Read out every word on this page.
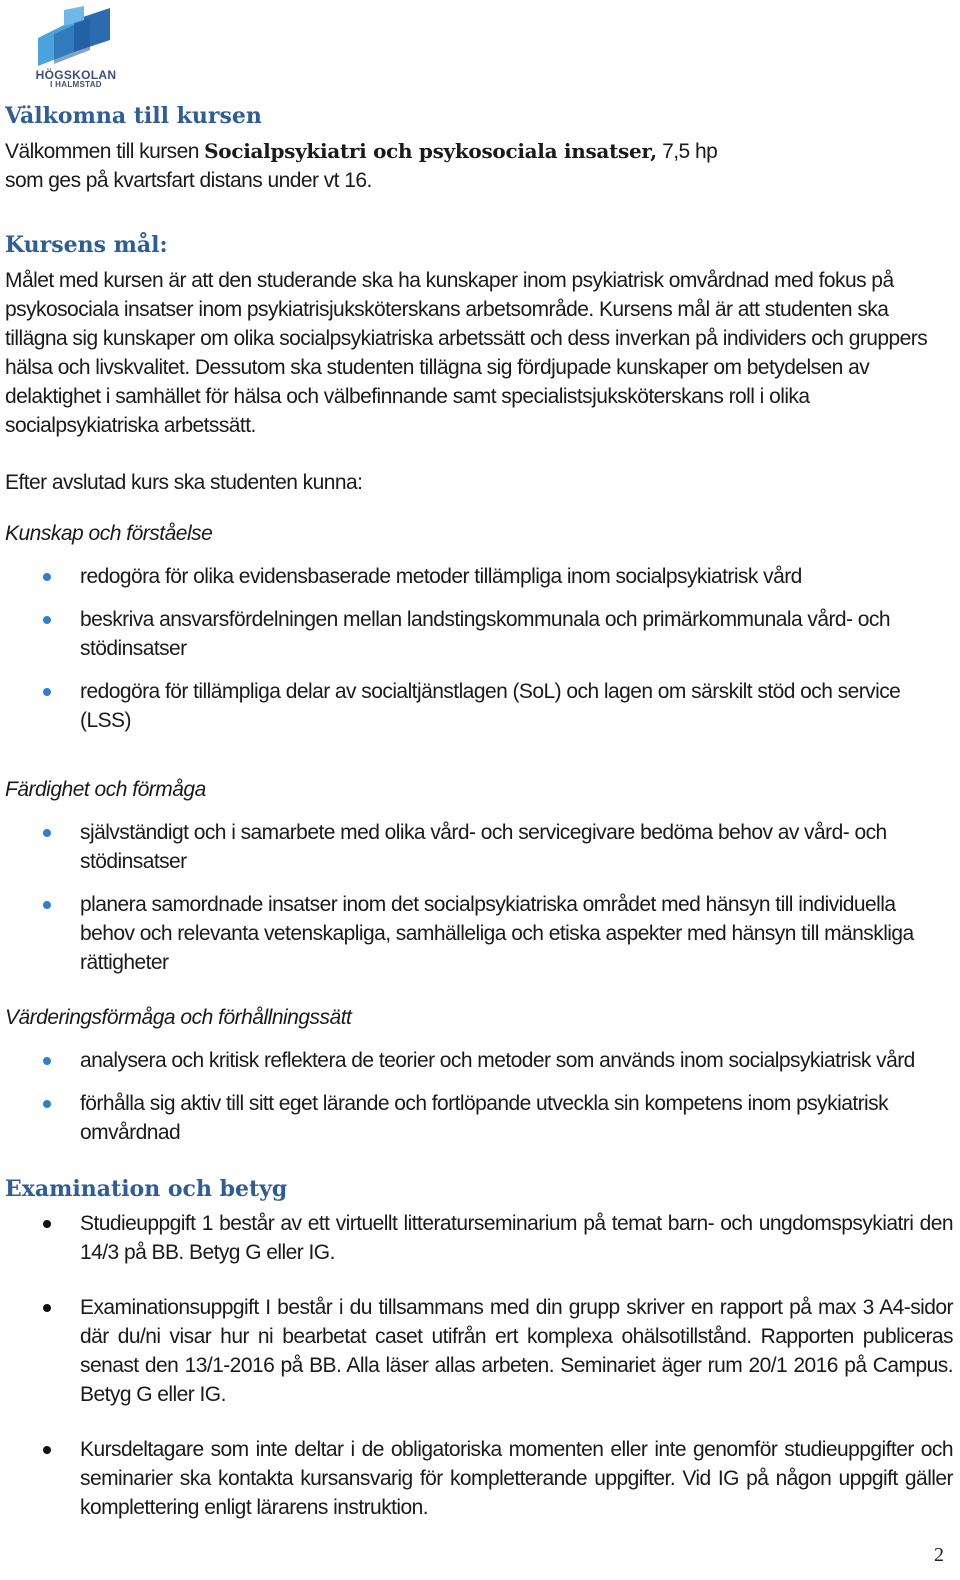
HÖGSKOLAN
I HALMSTAD
Välkomna till kursen

Välkommen till kursen Socialpsykiatri och psykosociala insatser, 7,5 hp
som ges på kvartsfart distans under vt 16.

Kursens mål:

Målet med kursen är att den studerande ska ha kunskaper inom psykiatrisk omvårdnad med fokus på psykosociala insatser inom psykiatrisjuksköterskans arbetsområde. Kursens mål är att studenten ska tillägna sig kunskaper om olika socialpsykiatriska arbetssätt och dess inverkan på individers och gruppers hälsa och livskvalitet. Dessutom ska studenten tillägna sig fördjupade kunskaper om betydelsen av delaktighet i samhället för hälsa och välbefinnande samt specialistsjuksköterskans roll i olika socialpsykiatriska arbetssätt.

Efter avslutad kurs ska studenten kunna:

Kunskap och förståelse

redogöra för olika evidensbaserade metoder tillämpliga inom socialpsykiatrisk vård
beskriva ansvarsfördelningen mellan landstingskommunala och primärkommunala vård- och stödinsatser
redogöra för tillämpliga delar av socialtjänstlagen (SoL) och lagen om särskilt stöd och service (LSS)

Färdighet och förmåga

självständigt och i samarbete med olika vård- och servicegivare bedöma behov av vård- och stödinsatser
planera samordnade insatser inom det socialpsykiatriska området med hänsyn till individuella behov och relevanta vetenskapliga, samhälleliga och etiska aspekter med hänsyn till mänskliga rättigheter

Värderingsförmåga och förhållningssätt

analysera och kritisk reflektera de teorier och metoder som används inom socialpsykiatrisk vård
förhålla sig aktiv till sitt eget lärande och fortlöpande utveckla sin kompetens inom psykiatrisk omvårdnad
Examination och betyg
Studieuppgift 1 består av ett virtuellt litteraturseminarium på temat barn- och ungdomspsykiatri den 14/3 på BB. Betyg G eller IG.
Examinationsuppgift I består i du tillsammans med din grupp skriver en rapport på max 3 A4-sidor där du/ni visar hur ni bearbetat caset utifrån ert komplexa ohälsotillstånd. Rapporten publiceras senast den 13/1-2016 på BB. Alla läser allas arbeten. Seminariet äger rum 20/1 2016 på Campus. Betyg G eller IG.
Kursdeltagare som inte deltar i de obligatoriska momenten eller inte genomför studieuppgifter och seminarier ska kontakta kursansvarig för kompletterande uppgifter. Vid IG på någon uppgift gäller komplettering enligt lärarens instruktion.
2
